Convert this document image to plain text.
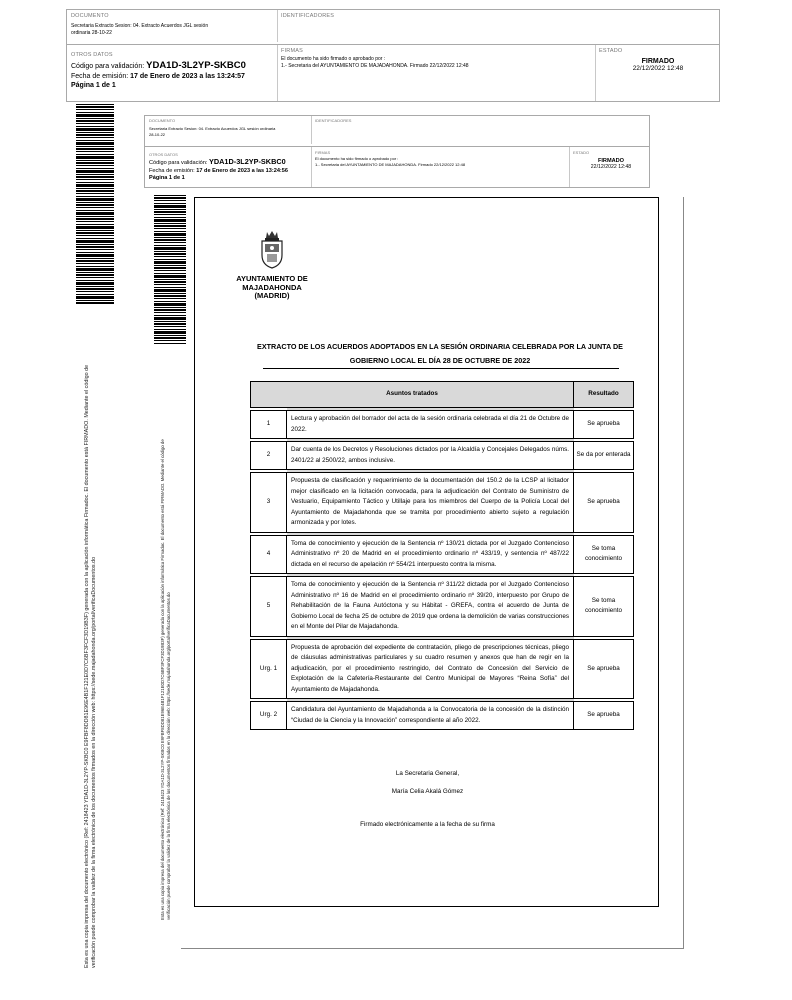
DOCUMENTO
Secretaria Extracto Sesion: 04. Extracto Acuerdos JGL sesión ordinaria 28-10-22
IDENTIFICADORES
OTROS DATOS
Código para validación: YDA1D-3L2YP-SKBC0
Fecha de emisión: 17 de Enero de 2023 a las 13:24:57
Página 1 de 1
FIRMAS
El documento ha sido firmado o aprobado por :
1.- Secretaria del AYUNTAMIENTO DE MAJADAHONDA. Firmado 22/12/2022 12:48
ESTADO
FIRMADO
22/12/2022 12:48
Esta es una copia impresa del documento electrónico (Ref: 2418423 YDA1D-3L2YP-SKBC0 E9FBF8DD81E96E4B1F121E0D7C6BF3FCF3D19B3F) generada con la aplicación informática Firmadoc. El documento está FIRMADO. Mediante el código de verificación puede comprobar la validez de la firma electrónica de los documentos firmados en la dirección web: https://sede.majadahonda.org/portal/verificaDocumentos.do
DOCUMENTO
Secretaria Extracto Sesion: 04. Extracto Acuerdos JGL sesión ordinaria 28-10-22
IDENTIFICADORES
OTROS DATOS
Código para validación: YDA1D-3L2YP-SKBC0
Fecha de emisión: 17 de Enero de 2023 a las 13:24:56
Página 1 de 1
FIRMAS
El documento ha sido firmado o aprobado por :
1.- Secretaria del AYUNTAMIENTO DE MAJADAHONDA. Firmado 22/12/2022 12:48
ESTADO
FIRMADO
22/12/2022 12:48
Esta es una copia impresa del documento electrónico (Ref: 2418423 YDA1D-3L2YP-SKBC0 E9FBF8DD81E96E4B1F121E0D7C6BF3FCF3D19B3F) generada con la aplicación informática Firmadoc. El documento está FIRMADO. Mediante el código de verificación puede comprobar la validez de la firma electrónica de los documentos firmados en la dirección web: https://sede.majadahonda.org/portal/verificaDocumentos.do
AYUNTAMIENTO DE
MAJADAHONDA
(MADRID)
EXTRACTO DE LOS ACUERDOS ADOPTADOS EN LA SESIÓN ORDINARIA CELEBRADA POR LA JUNTA DE
GOBIERNO LOCAL EL DÍA 28 DE OCTUBRE DE 2022
Asuntos tratados		Resultado

1	Lectura y aprobación del borrador del acta de la sesión ordinaria celebrada el día 21 de Octubre de 2022.	Se aprueba

2	Dar cuenta de los Decretos y Resoluciones dictados por la Alcaldía y Concejales Delegados núms. 2401/22 al 2500/22, ambos inclusive.	Se da por enterada

3	Propuesta de clasificación y requerimiento de la documentación del 150.2 de la LCSP al licitador mejor clasificado en la licitación convocada, para la adjudicación del Contrato de Suministro de Vestuario, Equipamiento Táctico y Utillaje para los miembros del Cuerpo de la Policía Local del Ayuntamiento de Majadahonda que se tramita por procedimiento abierto sujeto a regulación armonizada y por lotes.	Se aprueba

4	Toma de conocimiento y ejecución de la Sentencia nº 130/21 dictada por el Juzgado Contencioso Administrativo nº 20 de Madrid en el procedimiento ordinario nº 433/19, y sentencia nº 487/22 dictada en el recurso de apelación nº 554/21 interpuesto contra la misma.	Se toma conocimiento

5	Toma de conocimiento y ejecución de la Sentencia nº 311/22 dictada por el Juzgado Contencioso Administrativo nº 16 de Madrid en el procedimiento ordinario nº 39/20, interpuesto por Grupo de Rehabilitación de la Fauna Autóctona y su Hábitat - GREFA, contra el acuerdo de Junta de Gobierno Local de fecha 25 de octubre de 2019 que ordena la demolición de varias construcciones en el Monte del Pilar de Majadahonda.	Se toma conocimiento

Urg. 1	Propuesta de aprobación del expediente de contratación, pliego de prescripciones técnicas, pliego de cláusulas administrativas particulares y su cuadro resumen y anexos que han de regir en la adjudicación, por el procedimiento restringido, del Contrato de Concesión del Servicio de Explotación de la Cafetería-Restaurante del Centro Municipal de Mayores “Reina Sofía” del Ayuntamiento de Majadahonda.	Se aprueba

Urg. 2	Candidatura del Ayuntamiento de Majadahonda a la Convocatoria de la concesión de la distinción “Ciudad de la Ciencia y la Innovación” correspondiente al año 2022.	Se aprueba
La Secretaria General,
María Celia Akalá Gómez
Firmado electrónicamente a la fecha de su firma
